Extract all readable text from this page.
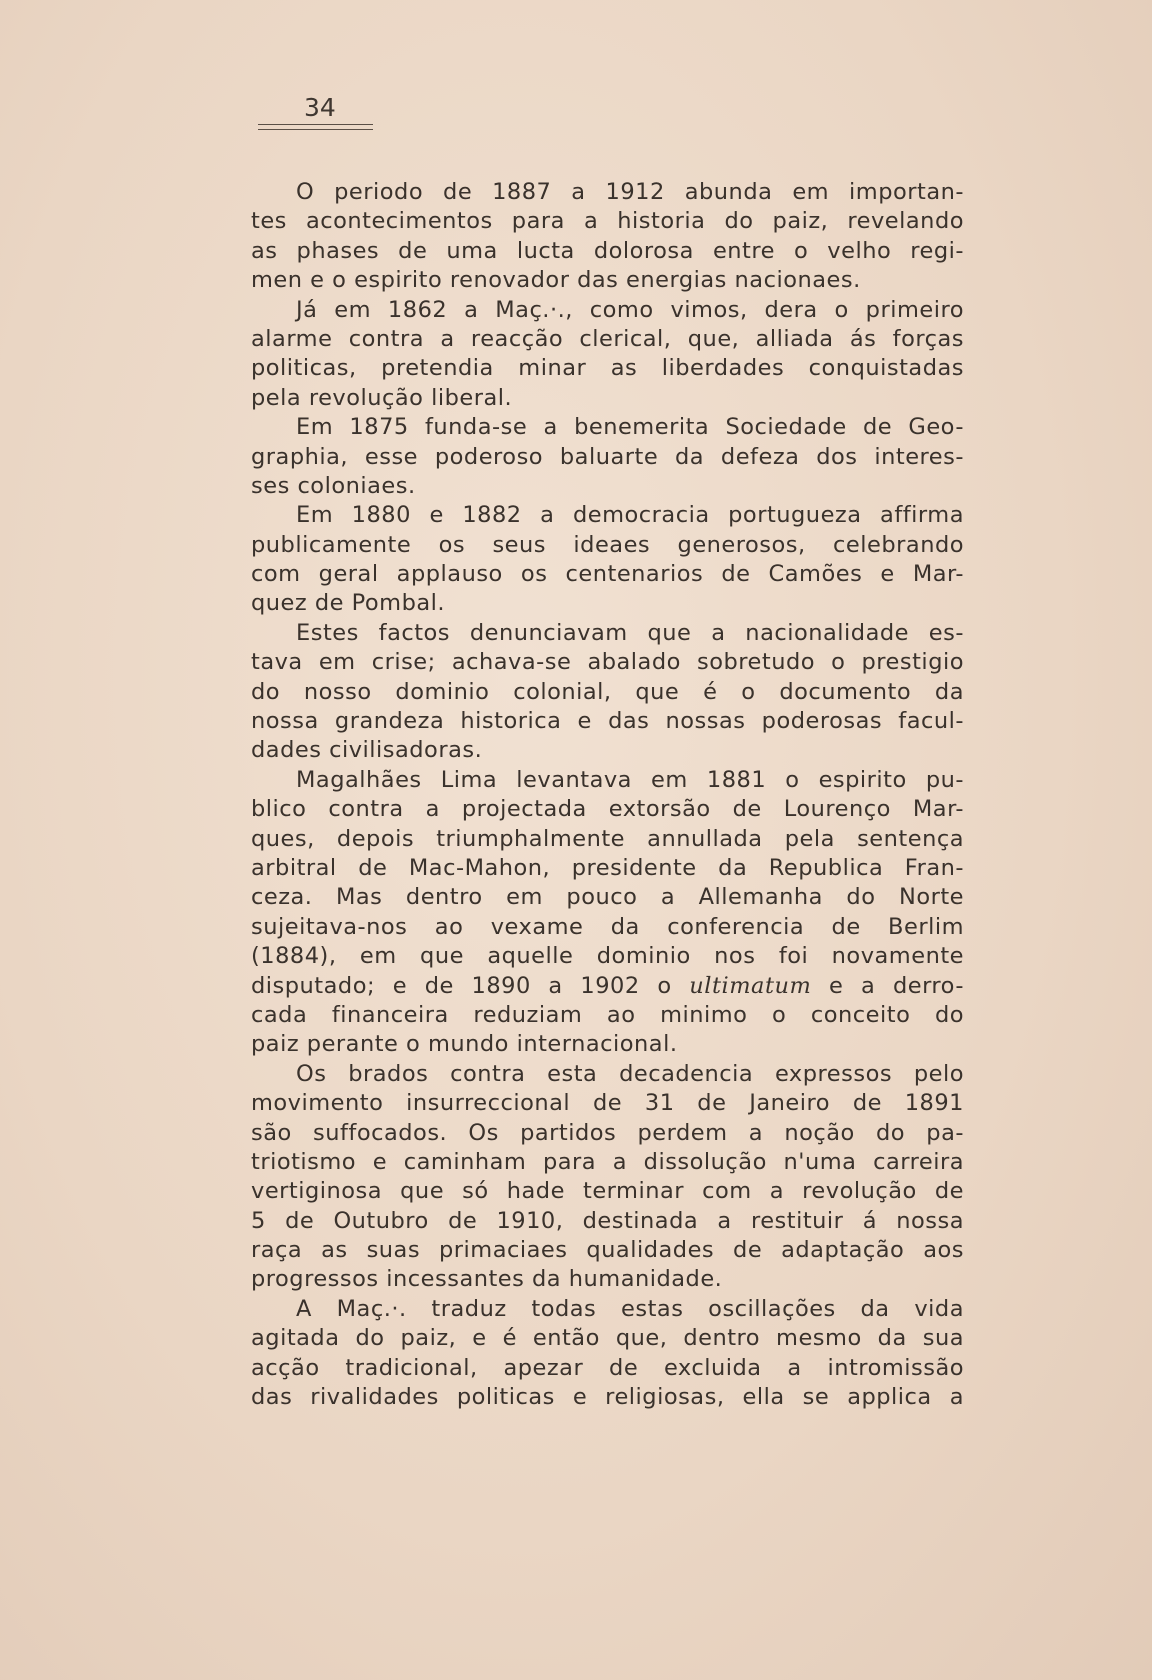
34
O periodo de 1887 a 1912 abunda em importan-
tes acontecimentos para a historia do paiz, revelando
as phases de uma lucta dolorosa entre o velho regi-
men e o espirito renovador das energias nacionaes.
Já em 1862 a Maç.·., como vimos, dera o primeiro
alarme contra a reacção clerical, que, alliada ás forças
politicas, pretendia minar as liberdades conquistadas
pela revolução liberal.
Em 1875 funda-se a benemerita Sociedade de Geo-
graphia, esse poderoso baluarte da defeza dos interes-
ses coloniaes.
Em 1880 e 1882 a democracia portugueza affirma
publicamente os seus ideaes generosos, celebrando
com geral applauso os centenarios de Camões e Mar-
quez de Pombal.
Estes factos denunciavam que a nacionalidade es-
tava em crise; achava-se abalado sobretudo o prestigio
do nosso dominio colonial, que é o documento da
nossa grandeza historica e das nossas poderosas facul-
dades civilisadoras.
Magalhães Lima levantava em 1881 o espirito pu-
blico contra a projectada extorsão de Lourenço Mar-
ques, depois triumphalmente annullada pela sentença
arbitral de Mac-Mahon, presidente da Republica Fran-
ceza. Mas dentro em pouco a Allemanha do Norte
sujeitava-nos ao vexame da conferencia de Berlim
(1884), em que aquelle dominio nos foi novamente
disputado; e de 1890 a 1902 o ultimatum e a derro-
cada financeira reduziam ao minimo o conceito do
paiz perante o mundo internacional.
Os brados contra esta decadencia expressos pelo
movimento insurreccional de 31 de Janeiro de 1891
são suffocados. Os partidos perdem a noção do pa-
triotismo e caminham para a dissolução n'uma carreira
vertiginosa que só hade terminar com a revolução de
5 de Outubro de 1910, destinada a restituir á nossa
raça as suas primaciaes qualidades de adaptação aos
progressos incessantes da humanidade.
A Maç.·. traduz todas estas oscillações da vida
agitada do paiz, e é então que, dentro mesmo da sua
acção tradicional, apezar de excluida a intromissão
das rivalidades politicas e religiosas, ella se applica a
